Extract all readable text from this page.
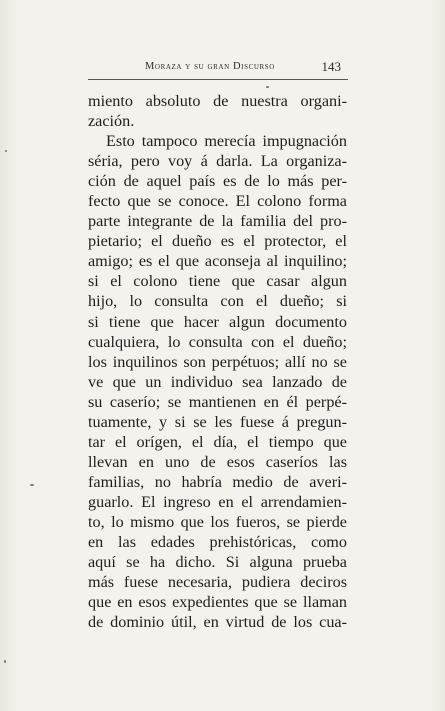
Moraza y su gran Discurso	143
miento absoluto de nuestra organi-
zación.
Esto tampoco merecía impugnación
séria, pero voy á darla. La organiza-
ción de aquel país es de lo más per-
fecto que se conoce. El colono forma
parte integrante de la familia del pro-
pietario; el dueño es el protector, el
amigo; es el que aconseja al inquilino;
si el colono tiene que casar algun
hijo, lo consulta con el dueño; si
si tiene que hacer algun documento
cualquiera, lo consulta con el dueño;
los inquilinos son perpétuos; allí no se
ve que un individuo sea lanzado de
su caserío; se mantienen en él perpé-
tuamente, y si se les fuese á pregun-
tar el orígen, el día, el tiempo que
llevan en uno de esos caseríos las
familias, no habría medio de averi-
guarlo. El ingreso en el arrendamien-
to, lo mismo que los fueros, se pierde
en las edades prehistóricas, como
aquí se ha dicho. Si alguna prueba
más fuese necesaria, pudiera deciros
que en esos expedientes que se llaman
de dominio útil, en virtud de los cua-
